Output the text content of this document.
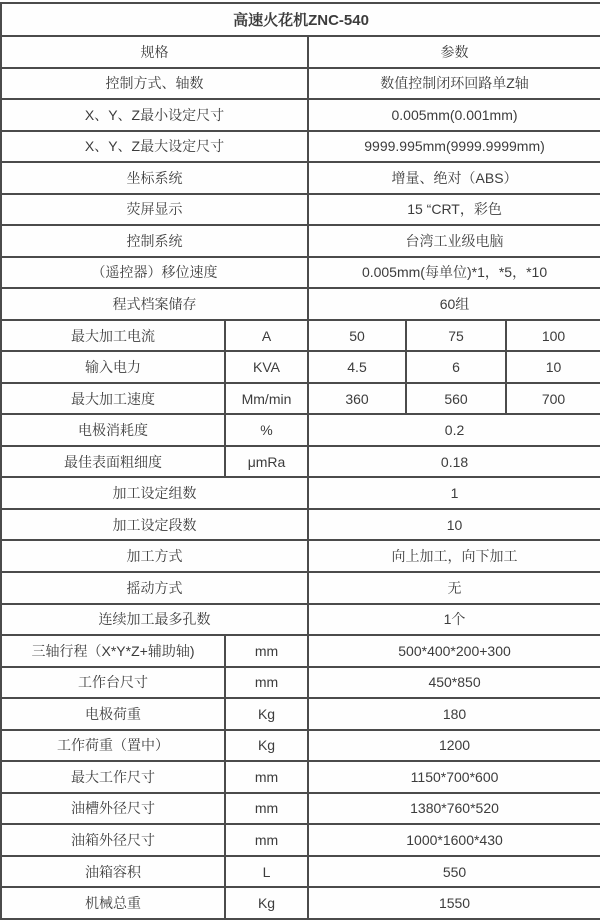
高速火花机ZNC-540				
规格		参数		
控制方式、轴数		数值控制闭环回路单Z轴		
X、Y、Z最小设定尺寸		0.005mm(0.001mm)		
X、Y、Z最大设定尺寸		9999.995mm(9999.9999mm)		
坐标系统		增量、绝对（ABS）		
荧屏显示		15 “CRT，彩色		
控制系统		台湾工业级电脑		
（遥控器）移位速度		0.005mm(每单位)*1，*5，*10		
程式档案储存		60组		
最大加工电流	A	50	75	100
输入电力	KVA	4.5	6	10
最大加工速度	Mm/min	360	560	700
电极消耗度	%	0.2		
最佳表面粗细度	μmRa	0.18		
加工设定组数		1		
加工设定段数		10		
加工方式		向上加工，向下加工		
摇动方式		无		
连续加工最多孔数		1个		
三轴行程（X*Y*Z+辅助轴)	mm	500*400*200+300		
工作台尺寸	mm	450*850		
电极荷重	Kg	180		
工作荷重（置中）	Kg	1200		
最大工作尺寸	mm	1150*700*600		
油槽外径尺寸	mm	1380*760*520		
油箱外径尺寸	mm	1000*1600*430		
油箱容积	L	550		
机械总重	Kg	1550		
